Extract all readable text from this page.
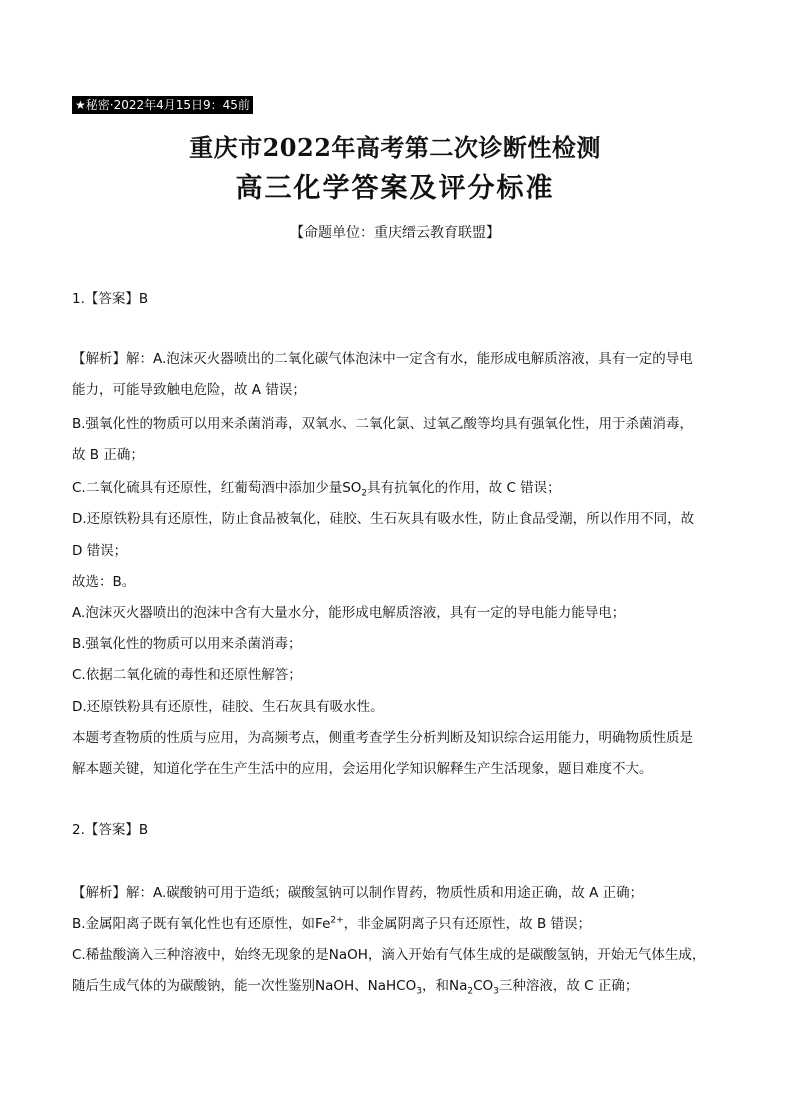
★秘密·2022年4月15日9：45前
重庆市2022年高考第二次诊断性检测
高三化学答案及评分标准
【命题单位：重庆缙云教育联盟】
1.【答案】B
【解析】解：A.泡沫灭火器喷出的二氧化碳气体泡沫中一定含有水，能形成电解质溶液，具有一定的导电
能力，可能导致触电危险，故 A 错误；
B.强氧化性的物质可以用来杀菌消毒，双氧水、二氧化氯、过氧乙酸等均具有强氧化性，用于杀菌消毒，
故 B 正确；
C.二氧化硫具有还原性，红葡萄酒中添加少量$SO_2$具有抗氧化的作用，故 C 错误；
D.还原铁粉具有还原性，防止食品被氧化，硅胶、生石灰具有吸水性，防止食品受潮，所以作用不同，故
D 错误；
故选：B。
A.泡沫灭火器喷出的泡沫中含有大量水分，能形成电解质溶液，具有一定的导电能力能导电；
B.强氧化性的物质可以用来杀菌消毒；
C.依据二氧化硫的毒性和还原性解答；
D.还原铁粉具有还原性，硅胶、生石灰具有吸水性。
本题考查物质的性质与应用，为高频考点，侧重考查学生分析判断及知识综合运用能力，明确物质性质是
解本题关键，知道化学在生产生活中的应用，会运用化学知识解释生产生活现象，题目难度不大。
2.【答案】B
【解析】解：A.碳酸钠可用于造纸；碳酸氢钠可以制作胃药，物质性质和用途正确，故 A 正确；
B.金属阳离子既有氧化性也有还原性，如$Fe^{2+}$，非金属阴离子只有还原性，故 B 错误；
C.稀盐酸滴入三种溶液中，始终无现象的是NaOH，滴入开始有气体生成的是碳酸氢钠，开始无气体生成，
随后生成气体的为碳酸钠，能一次性鉴别NaOH、NaHCO$_3$，和$Na_2CO_3$三种溶液，故 C 正确；
